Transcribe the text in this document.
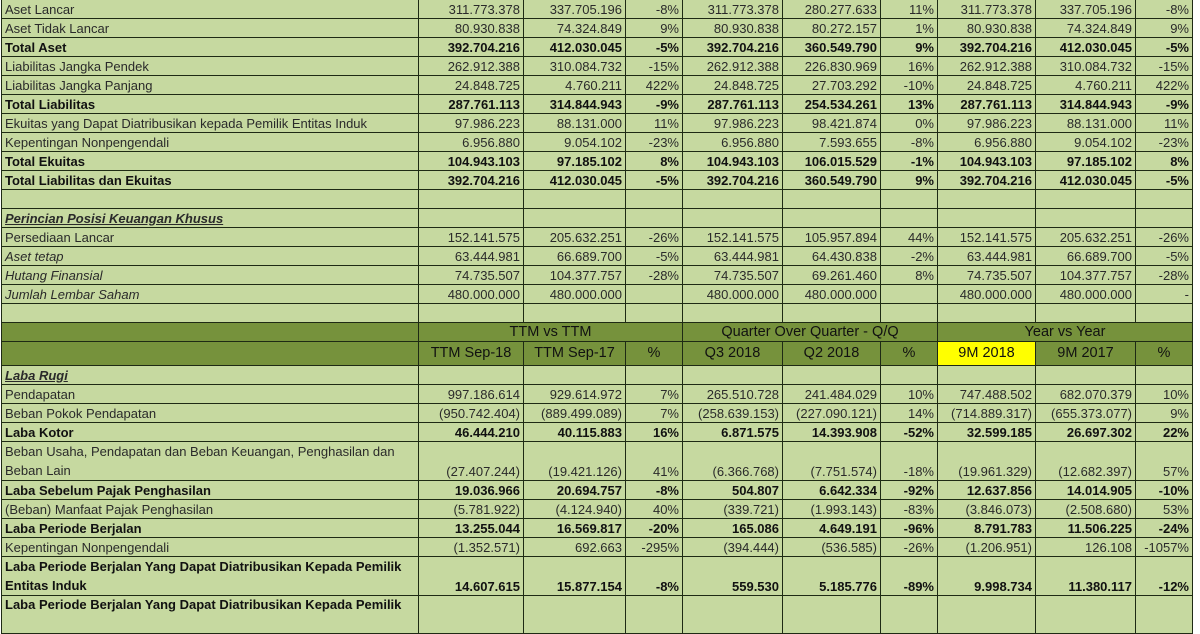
Aset Lancar	311.773.378	337.705.196	-8%	311.773.378	280.277.633	11%	311.773.378	337.705.196	-8%
Aset Tidak Lancar	80.930.838	74.324.849	9%	80.930.838	80.272.157	1%	80.930.838	74.324.849	9%
Total Aset	392.704.216	412.030.045	-5%	392.704.216	360.549.790	9%	392.704.216	412.030.045	-5%
Liabilitas Jangka Pendek	262.912.388	310.084.732	-15%	262.912.388	226.830.969	16%	262.912.388	310.084.732	-15%
Liabilitas Jangka Panjang	24.848.725	4.760.211	422%	24.848.725	27.703.292	-10%	24.848.725	4.760.211	422%
Total Liabilitas	287.761.113	314.844.943	-9%	287.761.113	254.534.261	13%	287.761.113	314.844.943	-9%
Ekuitas yang Dapat Diatribusikan kepada Pemilik Entitas Induk	97.986.223	88.131.000	11%	97.986.223	98.421.874	0%	97.986.223	88.131.000	11%
Kepentingan Nonpengendali	6.956.880	9.054.102	-23%	6.956.880	7.593.655	-8%	6.956.880	9.054.102	-23%
Total Ekuitas	104.943.103	97.185.102	8%	104.943.103	106.015.529	-1%	104.943.103	97.185.102	8%
Total Liabilitas dan Ekuitas	392.704.216	412.030.045	-5%	392.704.216	360.549.790	9%	392.704.216	412.030.045	-5%

Perincian Posisi Keuangan Khusus									
Persediaan Lancar	152.141.575	205.632.251	-26%	152.141.575	105.957.894	44%	152.141.575	205.632.251	-26%
Aset tetap	63.444.981	66.689.700	-5%	63.444.981	64.430.838	-2%	63.444.981	66.689.700	-5%
Hutang Finansial	74.735.507	104.377.757	-28%	74.735.507	69.261.460	8%	74.735.507	104.377.757	-28%
Jumlah Lembar Saham	480.000.000	480.000.000		480.000.000	480.000.000		480.000.000	480.000.000	-

	TTM vs TTM			Quarter Over Quarter - Q/Q			Year vs Year		
	TTM Sep-18	TTM Sep-17	%	Q3 2018	Q2 2018	%	9M 2018	9M 2017	%
Laba Rugi									
Pendapatan	997.186.614	929.614.972	7%	265.510.728	241.484.029	10%	747.488.502	682.070.379	10%
Beban Pokok Pendapatan	(950.742.404)	(889.499.089)	7%	(258.639.153)	(227.090.121)	14%	(714.889.317)	(655.373.077)	9%
Laba Kotor	46.444.210	40.115.883	16%	6.871.575	14.393.908	-52%	32.599.185	26.697.302	22%
Beban Usaha, Pendapatan dan Beban Keuangan, Penghasilan dan Beban Lain	(27.407.244)	(19.421.126)	41%	(6.366.768)	(7.751.574)	-18%	(19.961.329)	(12.682.397)	57%
Laba Sebelum Pajak Penghasilan	19.036.966	20.694.757	-8%	504.807	6.642.334	-92%	12.637.856	14.014.905	-10%
(Beban) Manfaat Pajak Penghasilan	(5.781.922)	(4.124.940)	40%	(339.721)	(1.993.143)	-83%	(3.846.073)	(2.508.680)	53%
Laba Periode Berjalan	13.255.044	16.569.817	-20%	165.086	4.649.191	-96%	8.791.783	11.506.225	-24%
Kepentingan Nonpengendali	(1.352.571)	692.663	-295%	(394.444)	(536.585)	-26%	(1.206.951)	126.108	-1057%
Laba Periode Berjalan Yang Dapat Diatribusikan Kepada Pemilik Entitas Induk	14.607.615	15.877.154	-8%	559.530	5.185.776	-89%	9.998.734	11.380.117	-12%
Laba Periode Berjalan Yang Dapat Diatribusikan Kepada Pemilik									
